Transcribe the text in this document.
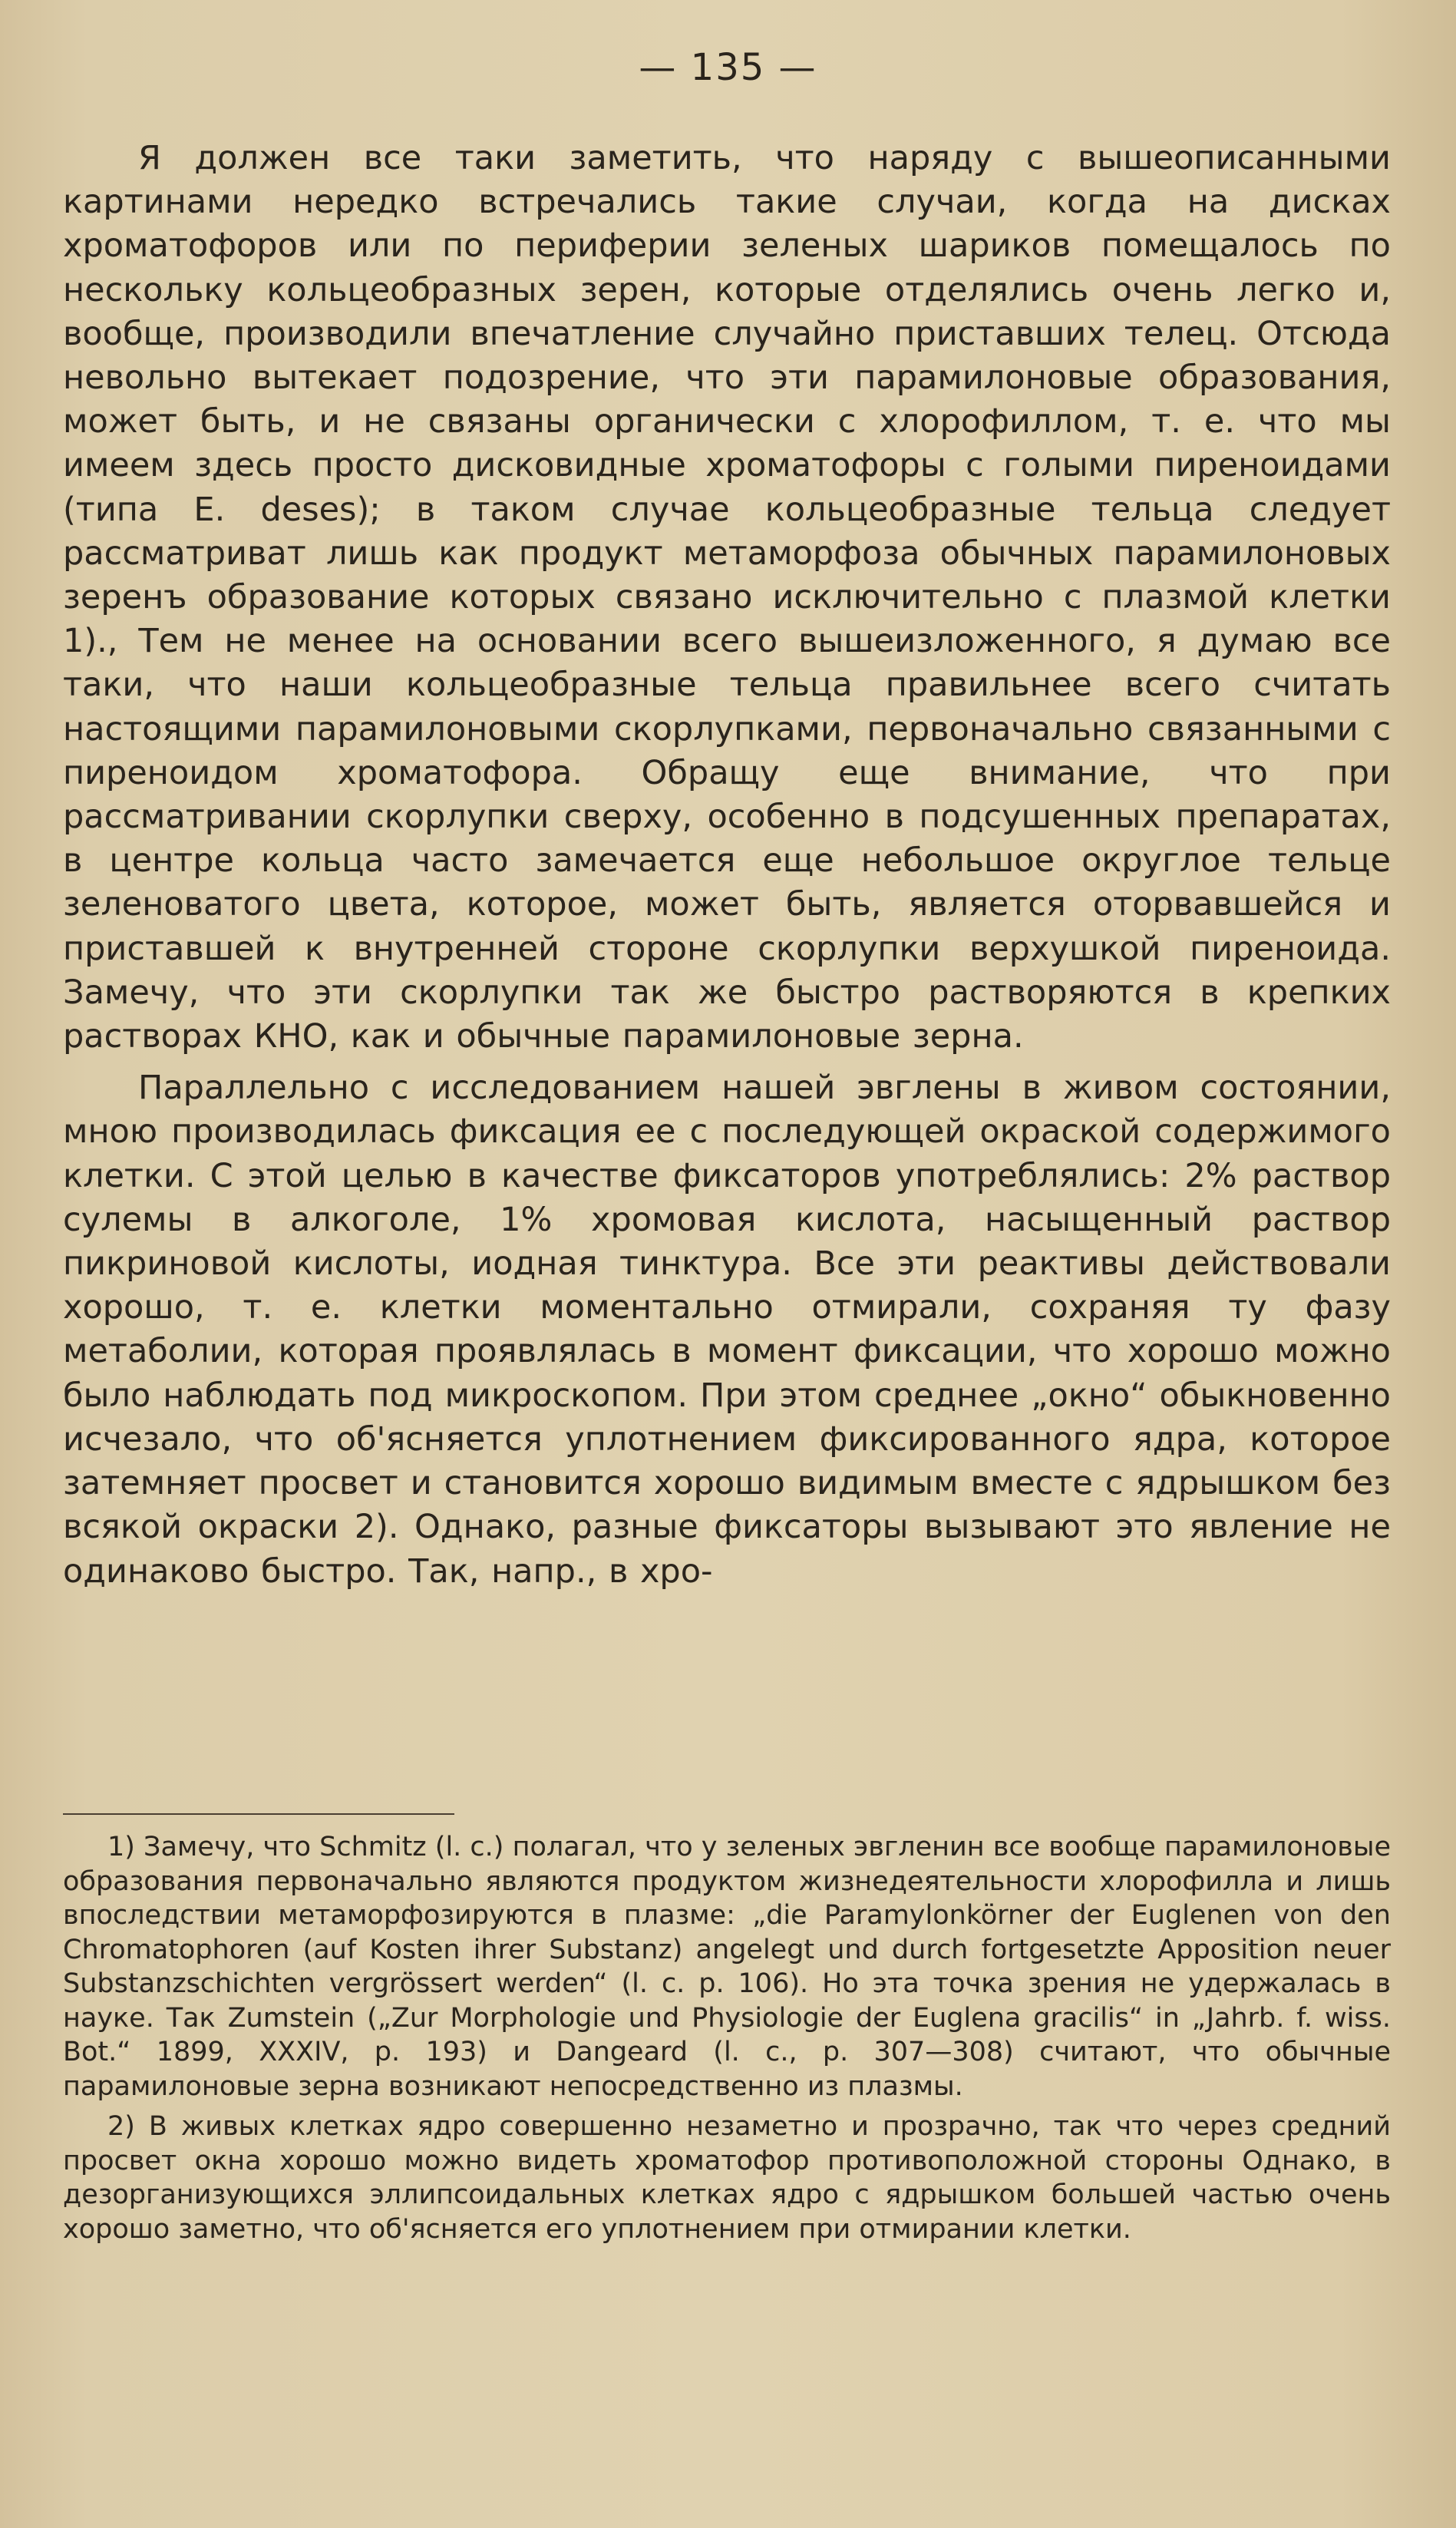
— 135 —

Я должен все таки заметить, что наряду с вышеописанными картинами нередко встречались такие случаи, когда на дисках хроматофоров или по периферии зеленых шариков помещалось по нескольку кольцеобразных зерен, которые отделялись очень легко и, вообще, производили впечатление случайно приставших телец. Отсюда невольно вытекает подозрение, что эти парамилоновые образования, может быть, и не связаны органически с хлорофиллом, т. е. что мы имеем здесь просто дисковидные хроматофоры с голыми пиреноидами (типа E. deses); в таком случае кольцеобразные тельца следует рассматриват лишь как продукт метаморфоза обычных парамилоновых зеренъ образование которых связано исключительно с плазмой клетки 1)., Тем не менее на основании всего вышеизложенного, я думаю все таки, что наши кольцеобразные тельца правильнее всего считать настоящими парамилоновыми скорлупками, первоначально связанными с пиреноидом хроматофора. Обращу еще внимание, что при рассматривании скорлупки сверху, особенно в подсушенных препаратах, в центре кольца часто замечается еще небольшое округлое тельце зеленоватого цвета, которое, может быть, является оторвавшейся и приставшей к внутренней стороне скорлупки верхушкой пиреноида. Замечу, что эти скорлупки так же быстро растворяются в крепких растворах КНО, как и обычные парамилоновые зерна.

Параллельно с исследованием нашей эвглены в живом состоянии, мною производилась фиксация ее с последующей окраской содержимого клетки. С этой целью в качестве фиксаторов употреблялись: 2% раствор сулемы в алкоголе, 1% хромовая кислота, насыщенный раствор пикриновой кислоты, иодная тинктура. Все эти реактивы действовали хорошо, т. е. клетки моментально отмирали, сохраняя ту фазу метаболии, которая проявлялась в момент фиксации, что хорошо можно было наблюдать под микроскопом. При этом среднее „окно“ обыкновенно исчезало, что об'ясняется уплотнением фиксированного ядра, которое затемняет просвет и становится хорошо видимым вместе с ядрышком без всякой окраски 2). Однако, разные фиксаторы вызывают это явление не одинаково быстро. Так, напр., в хро-

1) Замечу, что Schmitz (l. c.) полагал, что у зеленых эвгленин все вообще парамилоновые образования первоначально являются продуктом жизнедеятельности хлорофилла и лишь впоследствии метаморфозируются в плазме: „die Paramylonkörner der Euglenen von den Chromatophoren (auf Kosten ihrer Substanz) angelegt und durch fortgesetzte Apposition neuer Substanzschichten vergrössert werden“ (l. c. p. 106). Но эта точка зрения не удержалась в науке. Так Zumstein („Zur Morphologie und Physiologie der Euglena gracilis“ in „Jahrb. f. wiss. Bot.“ 1899, XXXIV, p. 193) и Dangeard (l. c., p. 307—308) считают, что обычные парамилоновые зерна возникают непосредственно из плазмы.

2) В живых клетках ядро совершенно незаметно и прозрачно, так что через средний просвет окна хорошо можно видеть хроматофор противоположной стороны Однако, в дезорганизующихся эллипсоидальных клетках ядро с ядрышком большей частью очень хорошо заметно, что об'ясняется его уплотнением при отмирании клетки.
